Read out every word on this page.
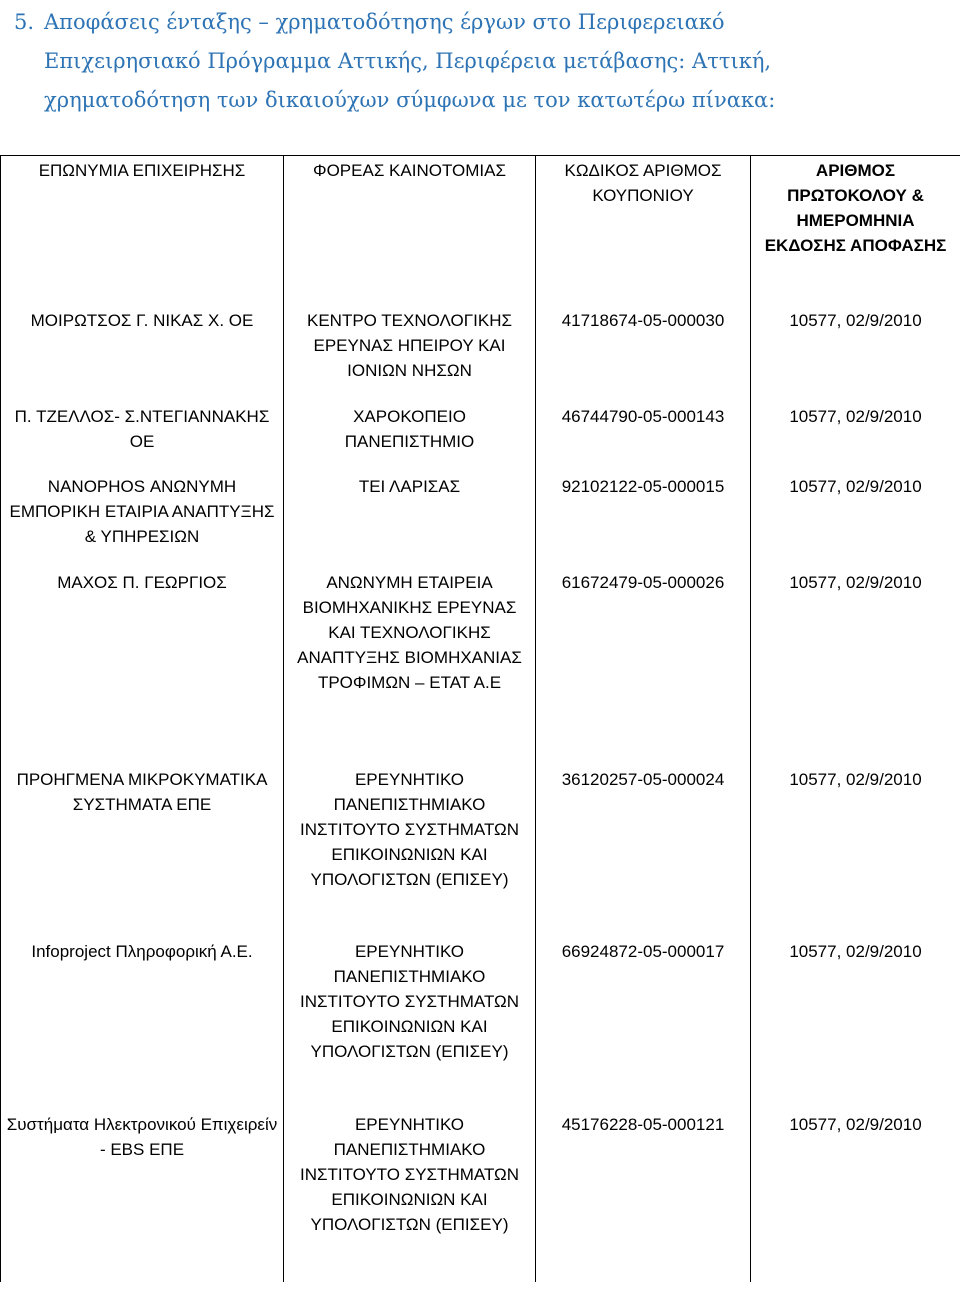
5. Αποφάσεις ένταξης – χρηματοδότησης έργων στο Περιφερειακό
Επιχειρησιακό Πρόγραμμα Αττικής, Περιφέρεια μετάβασης: Αττική,
χρηματοδότηση των δικαιούχων σύμφωνα με τον κατωτέρω πίνακα:
ΕΠΩΝΥΜΙΑ ΕΠΙΧΕΙΡΗΣΗΣ	ΦΟΡΕΑΣ ΚΑΙΝΟΤΟΜΙΑΣ	ΚΩΔΙΚΟΣ ΑΡΙΘΜΟΣ ΚΟΥΠΟΝΙΟΥ	ΑΡΙΘΜΟΣ ΠΡΩΤΟΚΟΛΟΥ & ΗΜΕΡΟΜΗΝΙΑ ΕΚΔΟΣΗΣ ΑΠΟΦΑΣΗΣ
ΜΟΙΡΩΤΣΟΣ Γ. ΝΙΚΑΣ Χ. ΟΕ	ΚΕΝΤΡΟ ΤΕΧΝΟΛΟΓΙΚΗΣ ΕΡΕΥΝΑΣ ΗΠΕΙΡΟΥ ΚΑΙ ΙΟΝΙΩΝ ΝΗΣΩΝ	41718674-05-000030	10577, 02/9/2010
Π. ΤΖΕΛΛΟΣ- Σ.ΝΤΕΓΙΑΝΝΑΚΗΣ ΟΕ	ΧΑΡΟΚΟΠΕΙΟ ΠΑΝΕΠΙΣΤΗΜΙΟ	46744790-05-000143	10577, 02/9/2010
ΝΑΝΟΡΗΟS ΑΝΩΝΥΜΗ ΕΜΠΟΡΙΚΗ ΕΤΑΙΡΙΑ ΑΝΑΠΤΥΞΗΣ & ΥΠΗΡΕΣΙΩΝ	ΤΕΙ ΛΑΡΙΣΑΣ	92102122-05-000015	10577, 02/9/2010
ΜΑΧΟΣ Π. ΓΕΩΡΓΙΟΣ	ΑΝΩΝΥΜΗ ΕΤΑΙΡΕΙΑ ΒΙΟΜΗΧΑΝΙΚΗΣ ΕΡΕΥΝΑΣ ΚΑΙ ΤΕΧΝΟΛΟΓΙΚΗΣ ΑΝΑΠΤΥΞΗΣ ΒΙΟΜΗΧΑΝΙΑΣ ΤΡΟΦΙΜΩΝ – ΕΤΑΤ Α.Ε	61672479-05-000026	10577, 02/9/2010
ΠΡΟΗΓΜΕΝΑ ΜΙΚΡΟΚΥΜΑΤΙΚΑ ΣΥΣΤΗΜΑΤΑ ΕΠΕ	ΕΡΕΥΝΗΤΙΚΟ ΠΑΝΕΠΙΣΤΗΜΙΑΚΟ ΙΝΣΤΙΤΟΥΤΟ ΣΥΣΤΗΜΑΤΩΝ ΕΠΙΚΟΙΝΩΝΙΩΝ ΚΑΙ ΥΠΟΛΟΓΙΣΤΩΝ (ΕΠΙΣΕΥ)	36120257-05-000024	10577, 02/9/2010
Infoproject Πληροφορική Α.Ε.	ΕΡΕΥΝΗΤΙΚΟ ΠΑΝΕΠΙΣΤΗΜΙΑΚΟ ΙΝΣΤΙΤΟΥΤΟ ΣΥΣΤΗΜΑΤΩΝ ΕΠΙΚΟΙΝΩΝΙΩΝ ΚΑΙ ΥΠΟΛΟΓΙΣΤΩΝ (ΕΠΙΣΕΥ)	66924872-05-000017	10577, 02/9/2010
Συστήματα Ηλεκτρονικού Επιχειρείν - EBS ΕΠΕ	ΕΡΕΥΝΗΤΙΚΟ ΠΑΝΕΠΙΣΤΗΜΙΑΚΟ ΙΝΣΤΙΤΟΥΤΟ ΣΥΣΤΗΜΑΤΩΝ ΕΠΙΚΟΙΝΩΝΙΩΝ ΚΑΙ ΥΠΟΛΟΓΙΣΤΩΝ (ΕΠΙΣΕΥ)	45176228-05-000121	10577, 02/9/2010
